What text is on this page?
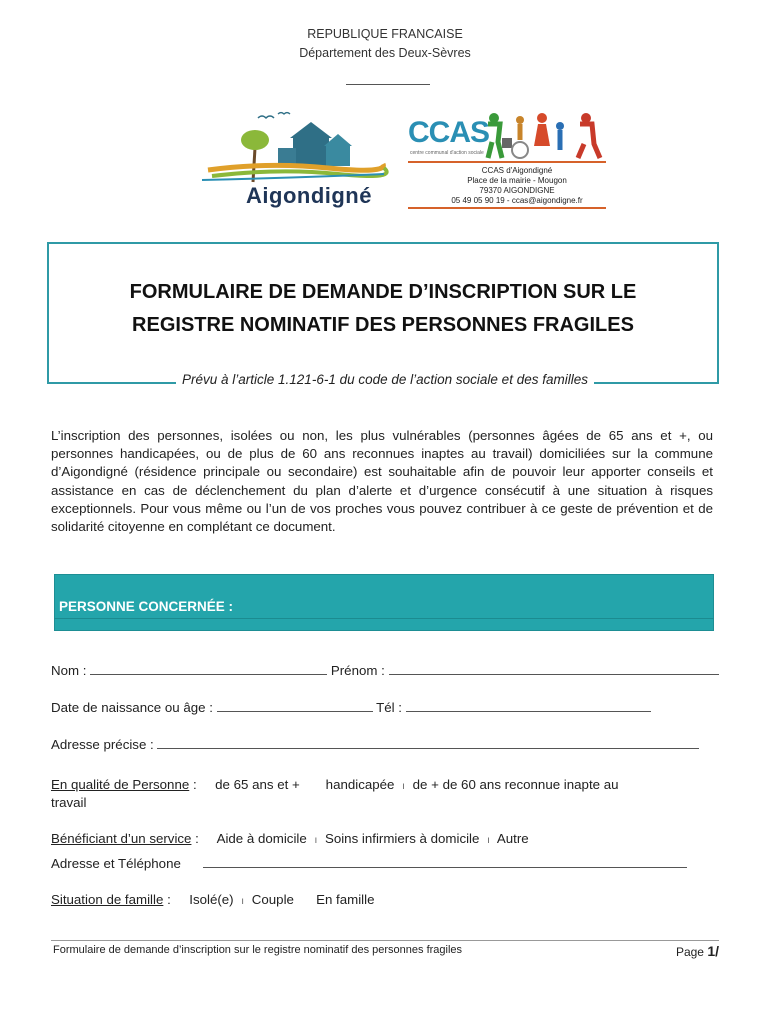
REPUBLIQUE FRANCAISE
Département des Deux-Sèvres
Aigondigné
CCAS
centre communal d'action sociale
CCAS d'Aigondigné
Place de la mairie - Mougon
79370 AIGONDIGNE
05 49 05 90 19 - ccas@aigondigne.fr
FORMULAIRE DE DEMANDE D’INSCRIPTION SUR LE
REGISTRE NOMINATIF DES PERSONNES FRAGILES
Prévu à l’article 1.121-6-1 du code de l’action sociale et des familles
L’inscription des personnes, isolées ou non, les plus vulnérables (personnes âgées de 65 ans et +, ou personnes handicapées, ou de plus de 60 ans reconnues inaptes au travail) domiciliées sur la commune d’Aigondigné (résidence principale ou secondaire) est souhaitable afin de pouvoir leur apporter conseils et assistance en cas de déclenchement du plan d’alerte et d’urgence consécutif à une situation à risques exceptionnels. Pour vous même ou l’un de vos proches vous pouvez contribuer à ce geste de prévention et de solidarité citoyenne en complétant ce document.
PERSONNE CONCERNÉE :
Nom :	Prénom :
Date de naissance ou âge :	Tél :
Adresse précise :
En qualité de Personne : de 65 ans et + handicapée ı de + de 60 ans reconnue inapte au
travail
Bénéficiant d’un service : Aide à domicile ı Soins infirmiers à domicile ı Autre
Adresse et Téléphone
Situation de famille : Isolé(e) ı Couple En famille
Formulaire de demande d’inscription sur le registre nominatif des personnes fragiles	Page 1/
